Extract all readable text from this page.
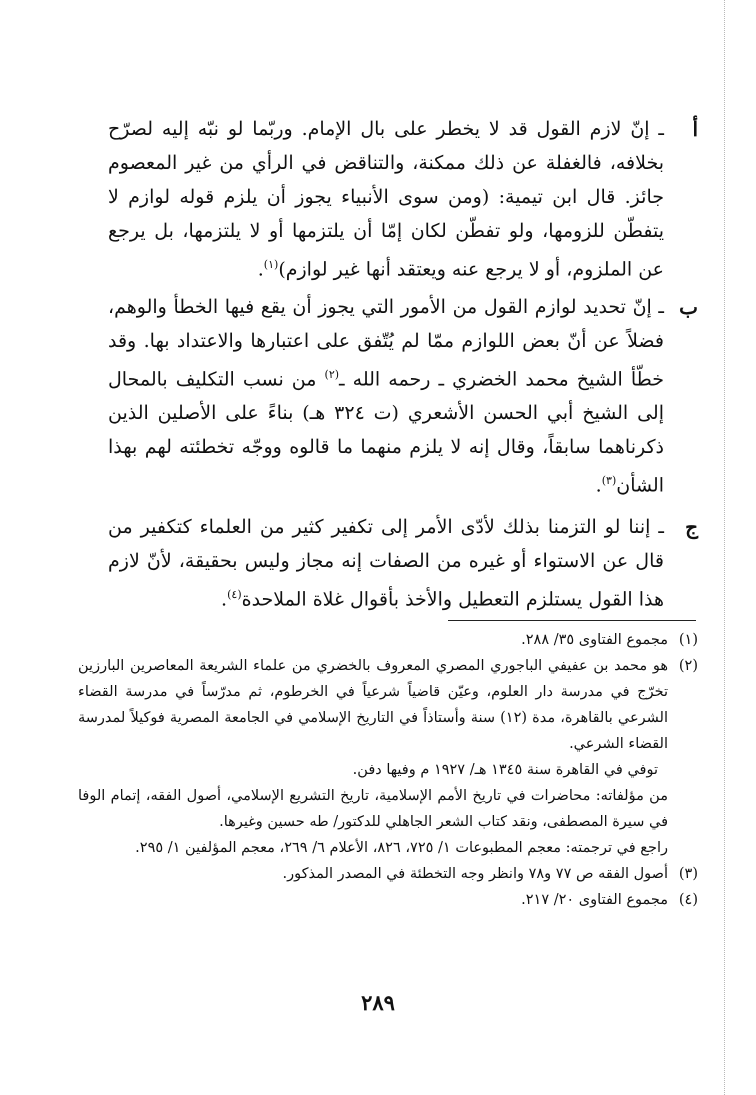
أ
ـ إنّ لازم القول قد لا يخطر على بال الإمام. وربّما لو نبّه إليه لصرّح بخلافه، فالغفلة عن ذلك ممكنة، والتناقض في الرأي من غير المعصوم جائز. قال ابن تيمية: (ومن سوى الأنبياء يجوز أن يلزم قوله لوازم لا يتفطّن للزومها، ولو تفطّن لكان إمّا أن يلتزمها أو لا يلتزمها، بل يرجع عن الملزوم، أو لا يرجع عنه ويعتقد أنها غير لوازم)$^{(١)}$.
ب
ـ إنّ تحديد لوازم القول من الأمور التي يجوز أن يقع فيها الخطأ والوهم، فضلاً عن أنّ بعض اللوازم ممّا لم يُتّفق على اعتبارها والاعتداد بها. وقد خطّأ الشيخ محمد الخضري ـ رحمه الله ـ$^{(٢)}$ من نسب التكليف بالمحال إلى الشيخ أبي الحسن الأشعري (ت ٣٢٤ هـ) بناءً على الأصلين الذين ذكرناهما سابقاً، وقال إنه لا يلزم منهما ما قالوه ووجّه تخطئته لهم بهذا الشأن$^{(٣)}$.
ج
ـ إننا لو التزمنا بذلك لأدّى الأمر إلى تكفير كثير من العلماء كتكفير من قال عن الاستواء أو غيره من الصفات إنه مجاز وليس بحقيقة، لأنّ لازم هذا القول يستلزم التعطيل والأخذ بأقوال غلاة الملاحدة$^{(٤)}$.
(١)

مجموع الفتاوى ٣٥/ ٢٨٨.

(٢)

هو محمد بن عفيفي الباجوري المصري المعروف بالخضري من علماء الشريعة المعاصرين البارزين تخرّج في مدرسة دار العلوم، وعيّن قاضياً شرعياً في الخرطوم، ثم مدرّساً في مدرسة القضاء الشرعي بالقاهرة، مدة (١٢) سنة وأستاذاً في التاريخ الإسلامي في الجامعة المصرية فوكيلاً لمدرسة القضاء الشرعي.

توفي في القاهرة سنة ١٣٤٥ هـ/ ١٩٢٧ م وفيها دفن.

من مؤلفاته: محاضرات في تاريخ الأمم الإسلامية، تاريخ التشريع الإسلامي، أصول الفقه، إتمام الوفا في سيرة المصطفى، ونقد كتاب الشعر الجاهلي للدكتور/ طه حسين وغيرها.

راجع في ترجمته: معجم المطبوعات ١/ ٧٢٥، ٨٢٦، الأعلام ٦/ ٢٦٩، معجم المؤلفين ١/ ٢٩٥.

(٣)

أصول الفقه ص ٧٧ و٧٨ وانظر وجه التخطئة في المصدر المذكور.

(٤)

مجموع الفتاوى ٢٠/ ٢١٧.

٢٨٩
